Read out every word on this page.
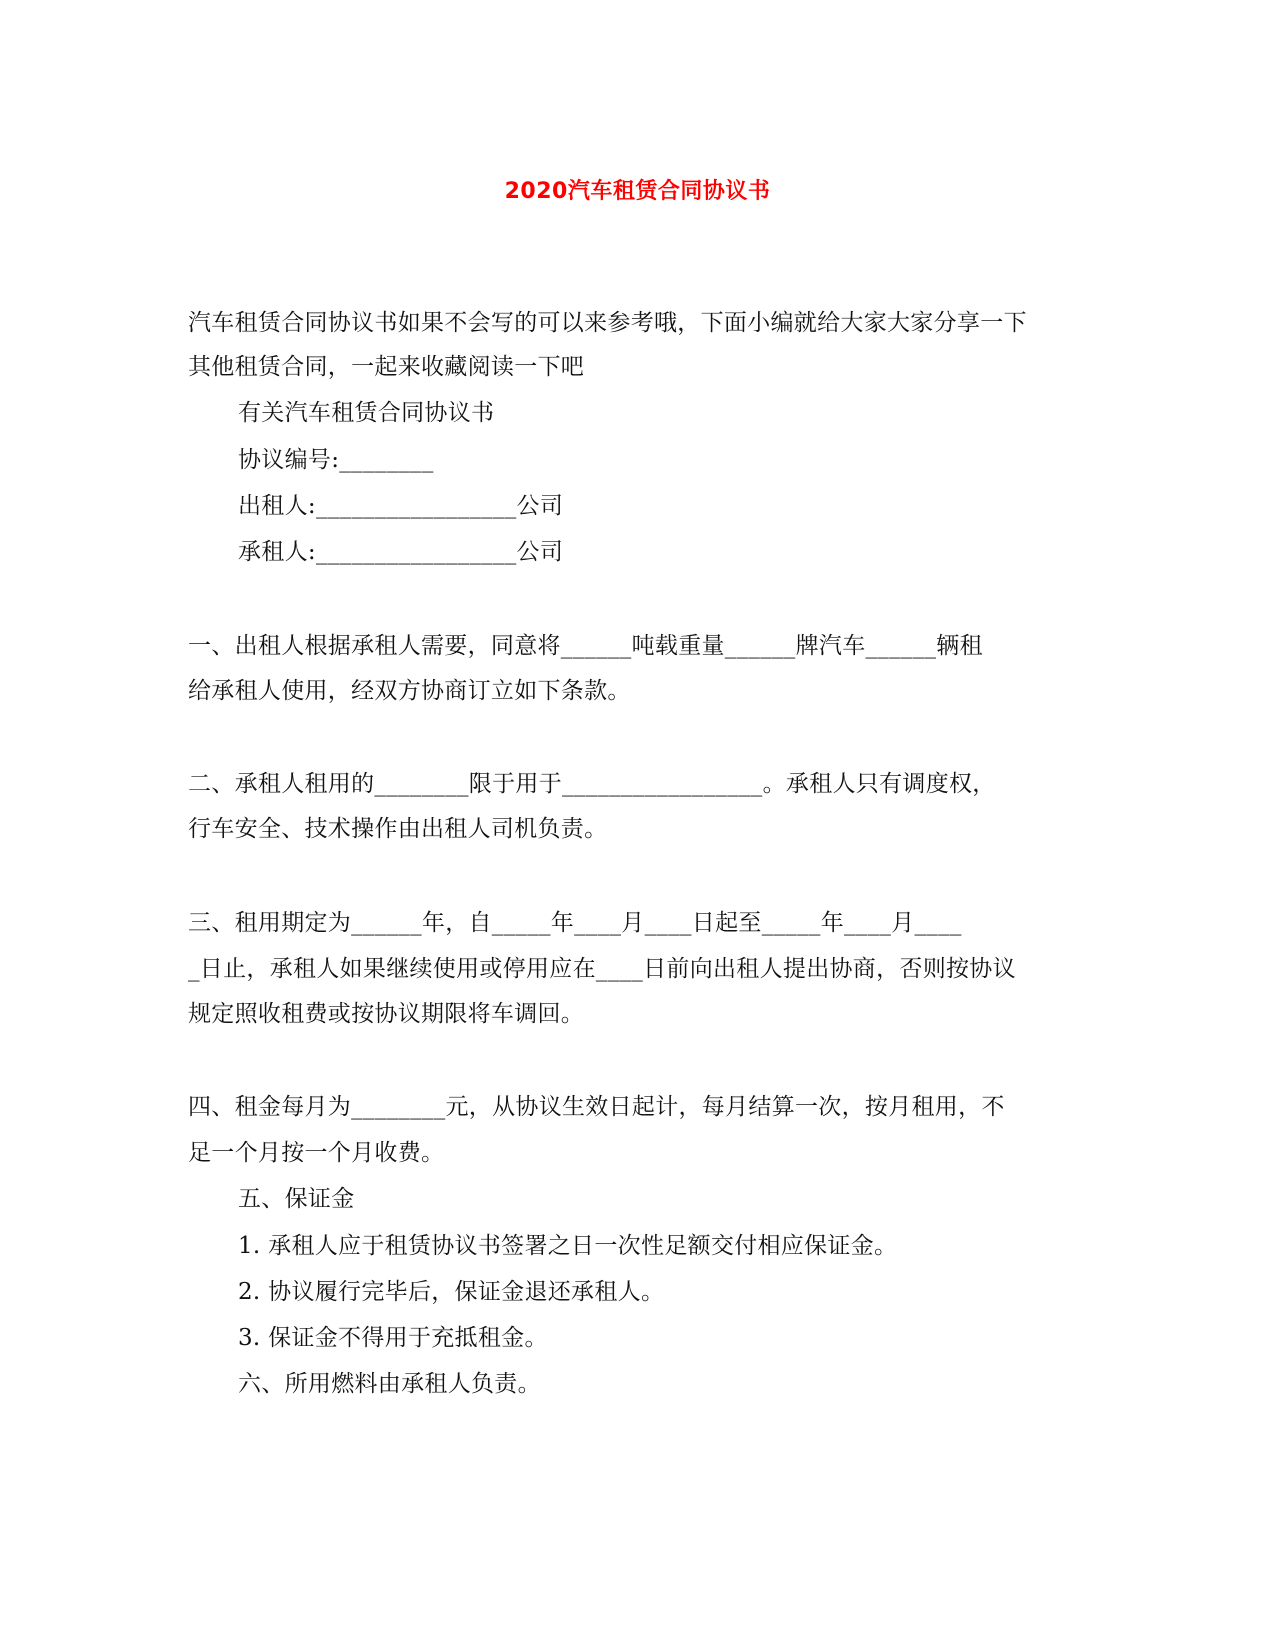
2020汽车租赁合同协议书
汽车租赁合同协议书如果不会写的可以来参考哦，下面小编就给大家大家分享一下
其他租赁合同，一起来收藏阅读一下吧
有关汽车租赁合同协议书
协议编号:________
出租人:_________________公司
承租人:_________________公司
一、出租人根据承租人需要，同意将______吨载重量______牌汽车______辆租
给承租人使用，经双方协商订立如下条款。
二、承租人租用的________限于用于_________________。承租人只有调度权，
行车安全、技术操作由出租人司机负责。
三、租用期定为______年，自_____年____月____日起至_____年____月____
_日止，承租人如果继续使用或停用应在____日前向出租人提出协商，否则按协议
规定照收租费或按协议期限将车调回。
四、租金每月为________元，从协议生效日起计，每月结算一次，按月租用，不
足一个月按一个月收费。
五、保证金
1. 承租人应于租赁协议书签署之日一次性足额交付相应保证金。
2. 协议履行完毕后，保证金退还承租人。
3. 保证金不得用于充抵租金。
六、所用燃料由承租人负责。
